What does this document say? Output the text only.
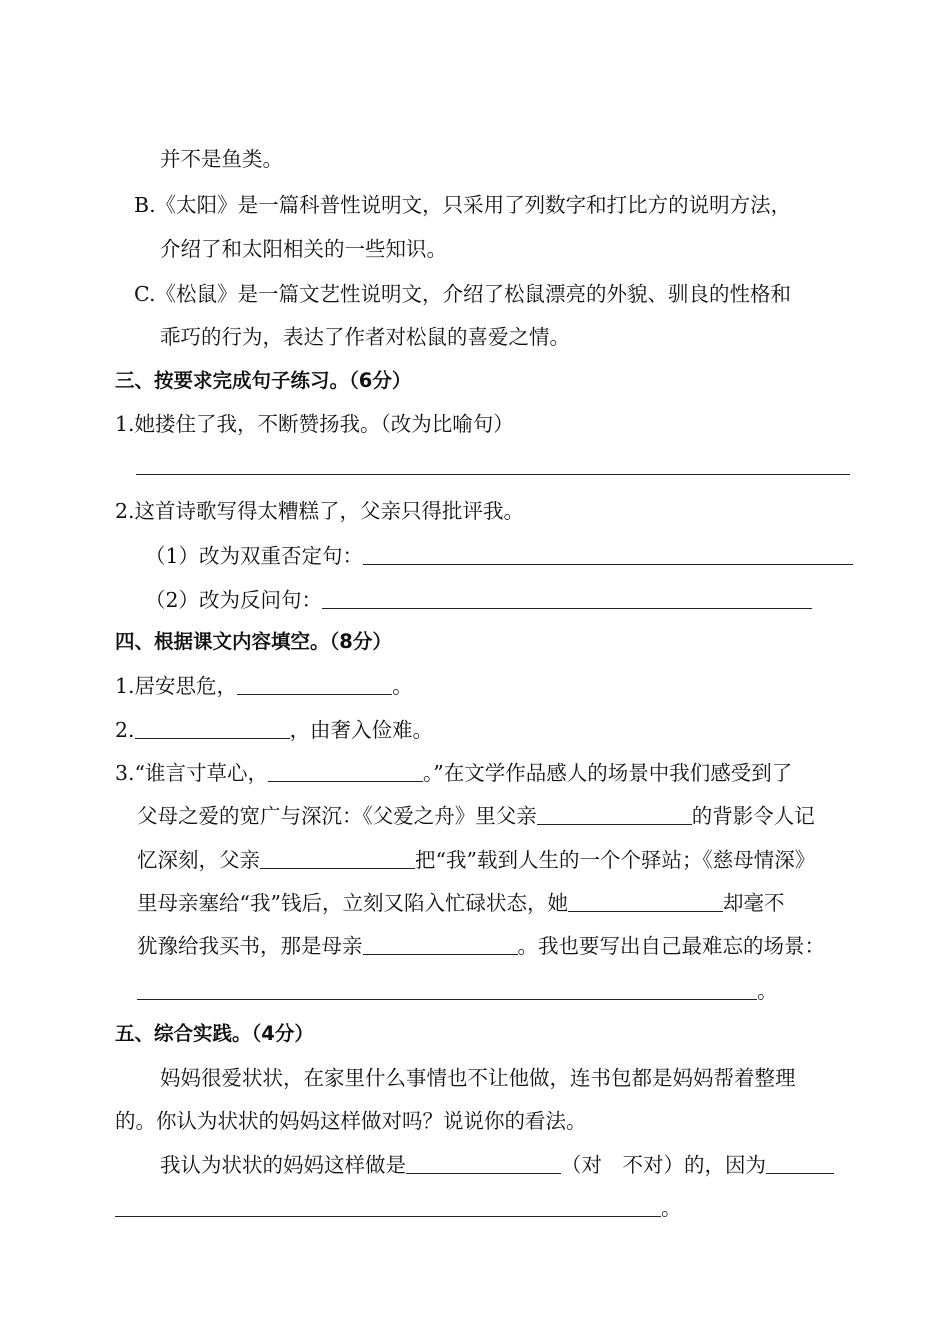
并不是鱼类。
B.《太阳》是一篇科普性说明文，只采用了列数字和打比方的说明方法，
介绍了和太阳相关的一些知识。
C.《松鼠》是一篇文艺性说明文，介绍了松鼠漂亮的外貌、驯良的性格和
乖巧的行为，表达了作者对松鼠的喜爱之情。
三、按要求完成句子练习。（6分）
1.她搂住了我，不断赞扬我。（改为比喻句）
2.这首诗歌写得太糟糕了，父亲只得批评我。
（1）改为双重否定句：
（2）改为反问句：
四、根据课文内容填空。（8分）
1.居安思危，	。
2.	，由奢入俭难。
3.“谁言寸草心，	。”在文学作品感人的场景中我们感受到了
父母之爱的宽广与深沉：《父爱之舟》里父亲	的背影令人记
忆深刻，父亲	把“我”载到人生的一个个驿站；《慈母情深》
里母亲塞给“我”钱后，立刻又陷入忙碌状态，她	却毫不
犹豫给我买书，那是母亲	。我也要写出自己最难忘的场景：
。
五、综合实践。（4分）
妈妈很爱状状，在家里什么事情也不让他做，连书包都是妈妈帮着整理
的。你认为状状的妈妈这样做对吗？说说你的看法。
我认为状状的妈妈这样做是	（对　不对）的，因为
。
